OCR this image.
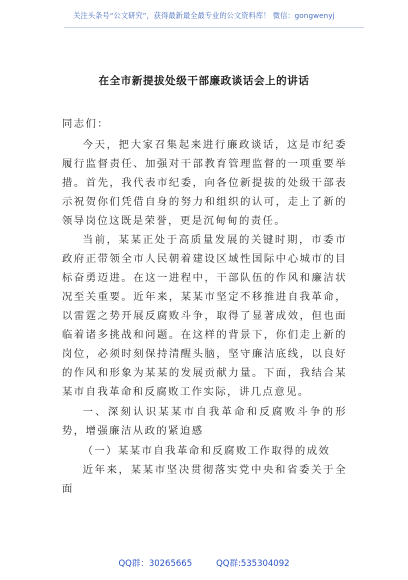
关注头条号“公文研究”，获得最新最全最专业的公文资料库！ 微信：gongwenyj
在全市新提拔处级干部廉政谈话会上的讲话

同志们：

今天，把大家召集起来进行廉政谈话，这是市纪委履行监督责任、加强对干部教育管理监督的一项重要举措。首先，我代表市纪委，向各位新提拔的处级干部表示祝贺你们凭借自身的努力和组织的认可，走上了新的领导岗位这既是荣誉，更是沉甸甸的责任。

当前，某某正处于高质量发展的关键时期，市委市政府正带领全市人民朝着建设区域性国际中心城市的目标奋勇迈进。在这一进程中，干部队伍的作风和廉洁状况至关重要。近年来，某某市坚定不移推进自我革命，以雷霆之势开展反腐败斗争，取得了显著成效，但也面临着诸多挑战和问题。在这样的背景下，你们走上新的岗位，必须时刻保持清醒头脑，坚守廉洁底线，以良好的作风和形象为某某的发展贡献力量。下面，我结合某某市自我革命和反腐败工作实际，讲几点意见。

一、深刻认识某某市自我革命和反腐败斗争的形势，增强廉洁从政的紧迫感

（一）某某市自我革命和反腐败工作取得的成效

近年来，某某市坚决贯彻落实党中央和省委关于全面

QQ群：30265665	QQ群:535304092
